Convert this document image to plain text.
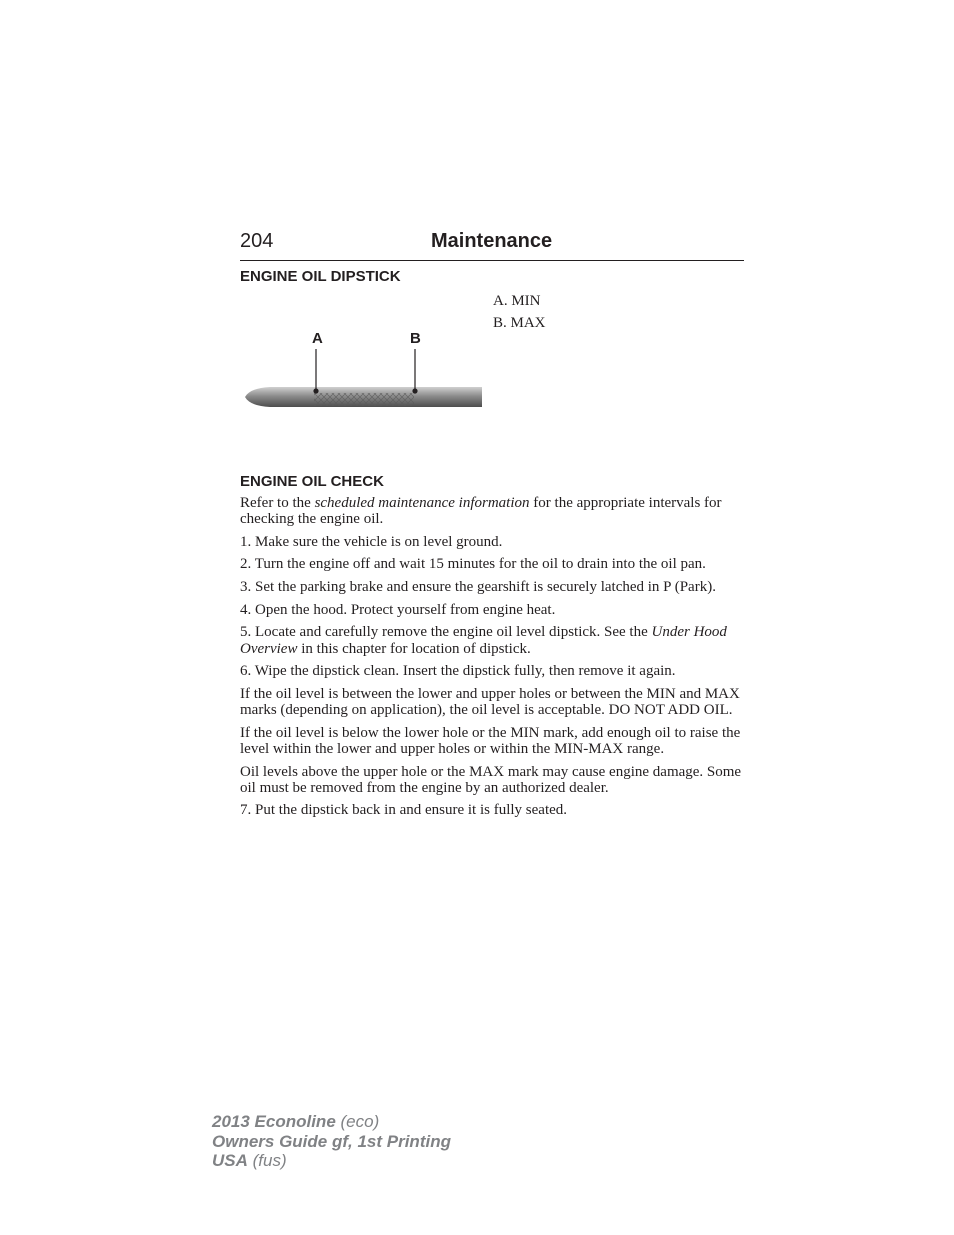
204	Maintenance
ENGINE OIL DIPSTICK
A	B
A. MIN
B. MAX
ENGINE OIL CHECK

Refer to the scheduled maintenance information for the appropriate intervals for checking the engine oil.

1. Make sure the vehicle is on level ground.

2. Turn the engine off and wait 15 minutes for the oil to drain into the oil pan.

3. Set the parking brake and ensure the gearshift is securely latched in P (Park).

4. Open the hood. Protect yourself from engine heat.

5. Locate and carefully remove the engine oil level dipstick. See the Under Hood Overview in this chapter for location of dipstick.

6. Wipe the dipstick clean. Insert the dipstick fully, then remove it again.

If the oil level is between the lower and upper holes or between the MIN and MAX marks (depending on application), the oil level is acceptable. DO NOT ADD OIL.

If the oil level is below the lower hole or the MIN mark, add enough oil to raise the level within the lower and upper holes or within the MIN-MAX range.

Oil levels above the upper hole or the MAX mark may cause engine damage. Some oil must be removed from the engine by an authorized dealer.

7. Put the dipstick back in and ensure it is fully seated.

2013 Econoline (eco)
Owners Guide gf, 1st Printing
USA (fus)
